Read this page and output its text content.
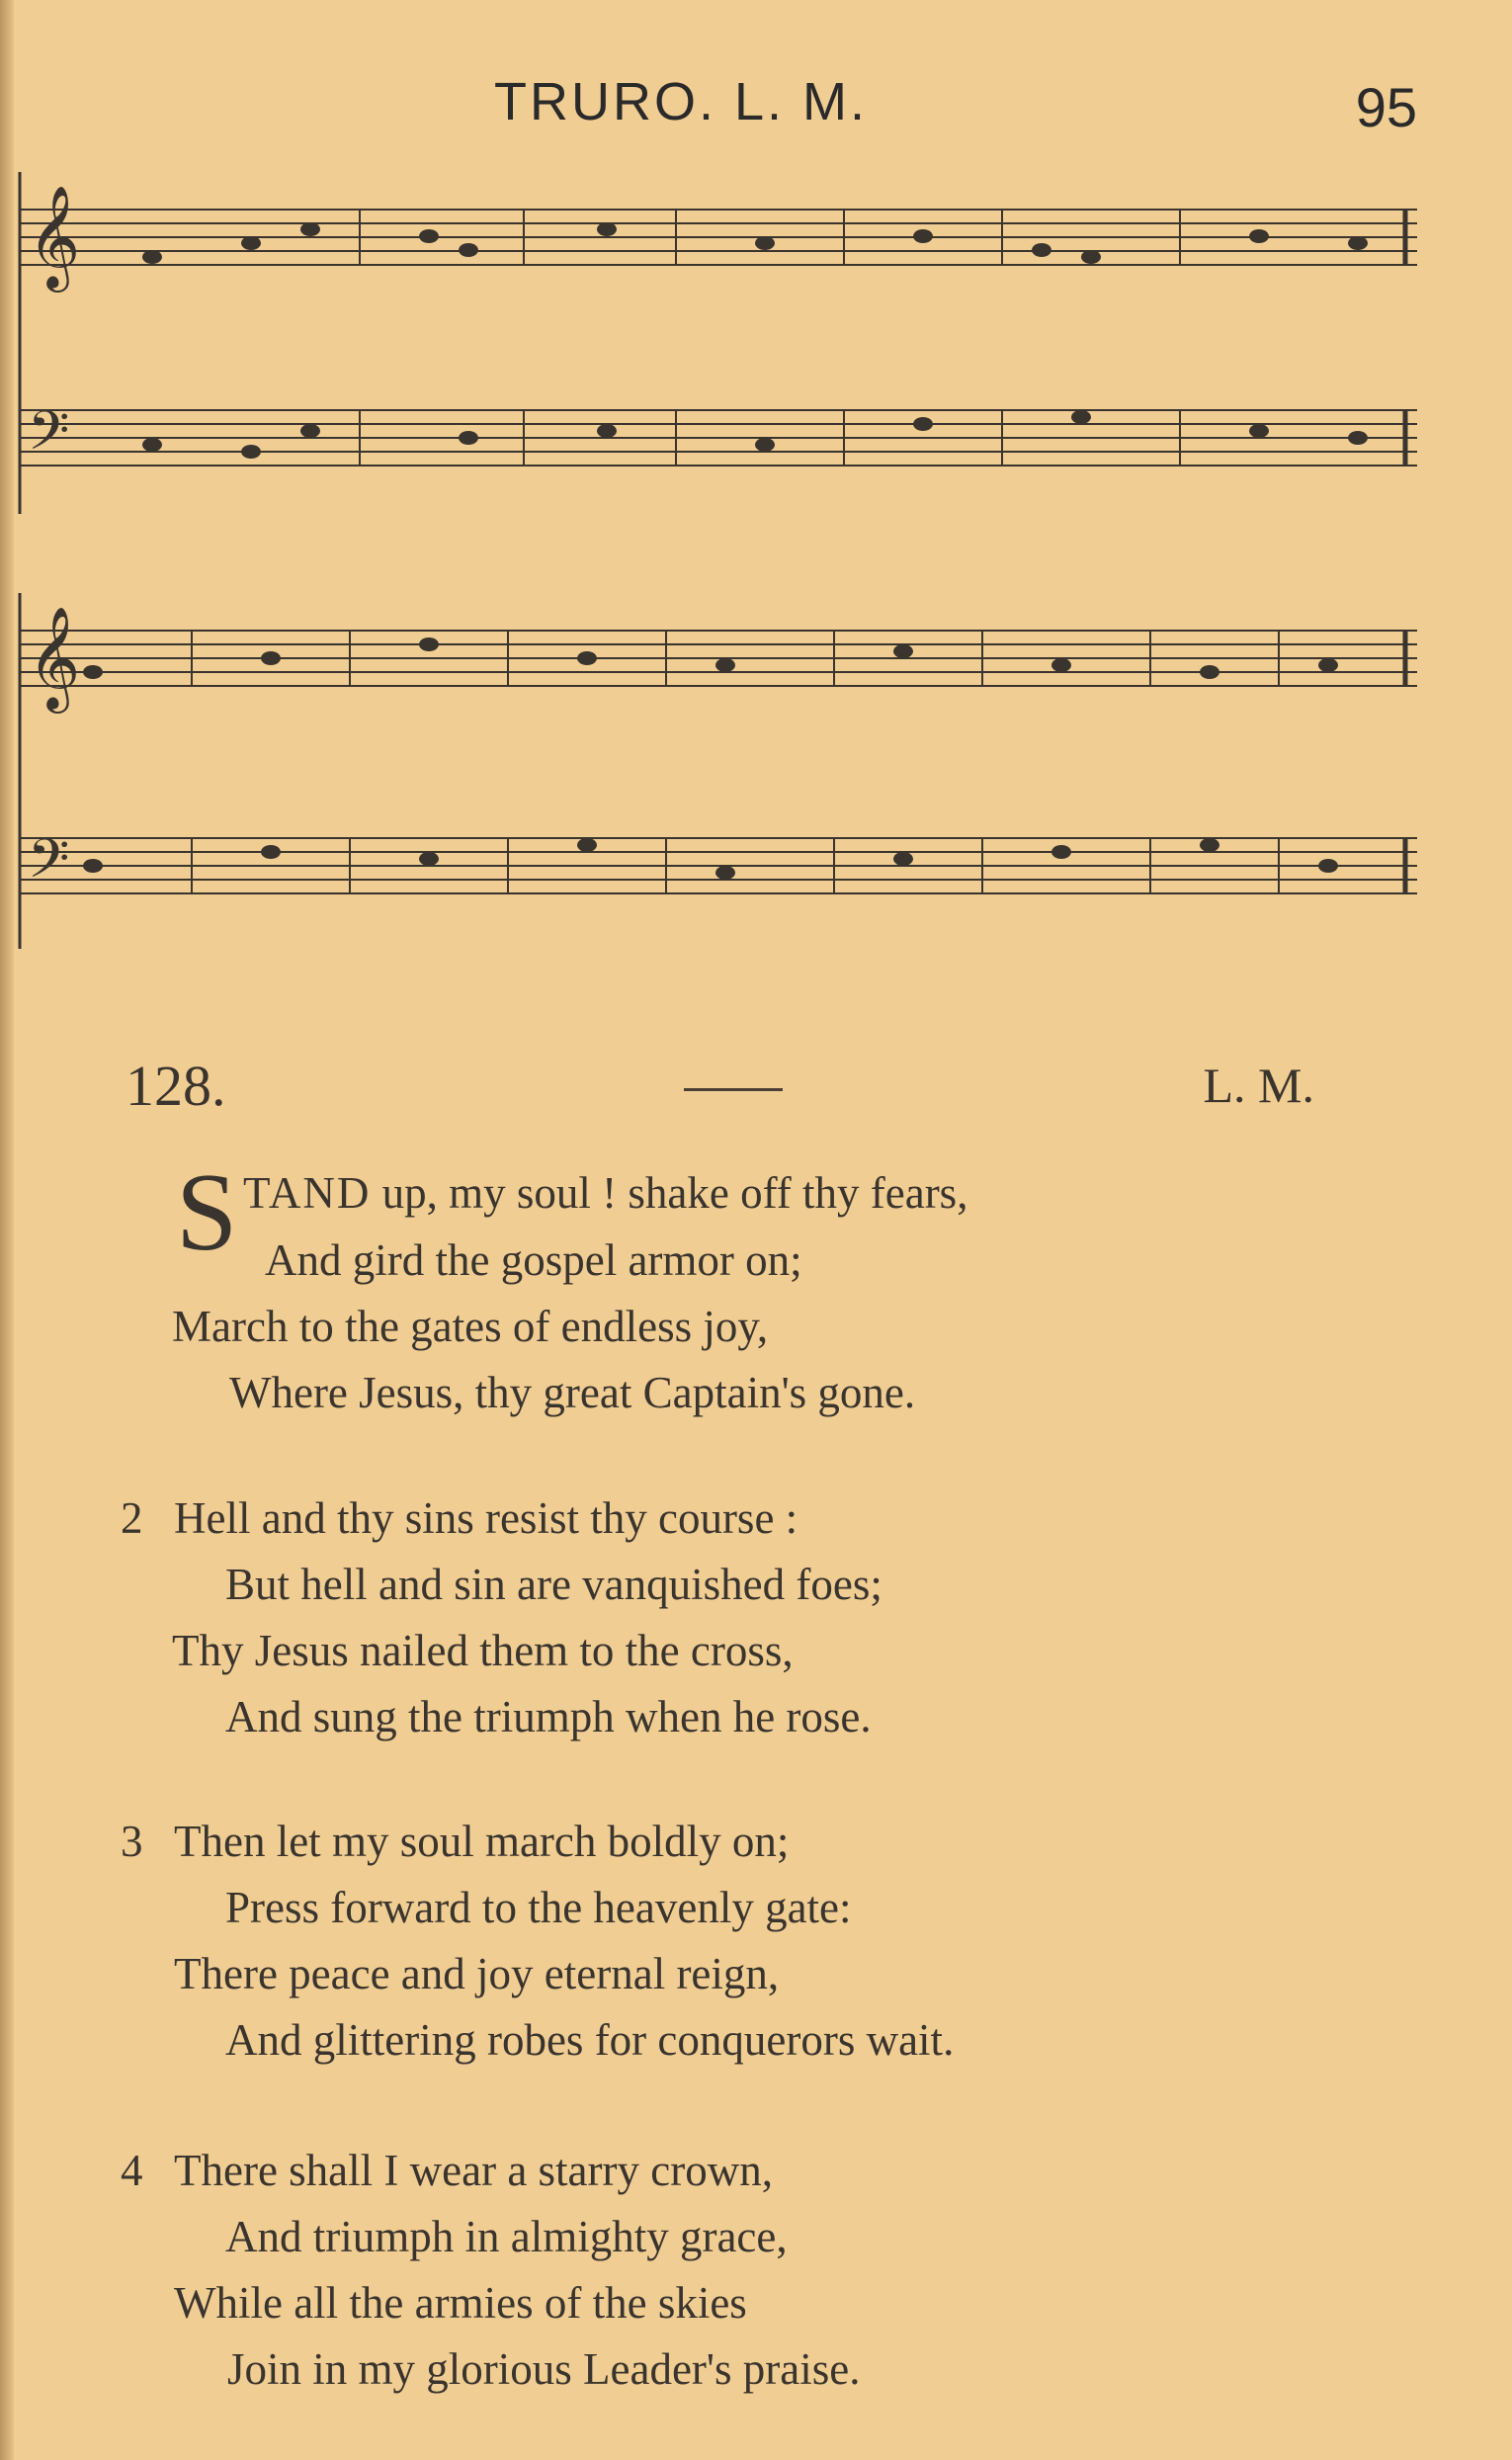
TRURO. L. M.	95
𝄞
𝄢
𝄞
𝄢
128.	L. M.
S TAND up, my soul ! shake off thy fears,
And gird the gospel armor on;
March to the gates of endless joy,
Where Jesus, thy great Captain's gone.
2 Hell and thy sins resist thy course :
But hell and sin are vanquished foes;
Thy Jesus nailed them to the cross,
And sung the triumph when he rose.
3 Then let my soul march boldly on;
Press forward to the heavenly gate:
There peace and joy eternal reign,
And glittering robes for conquerors wait.
4 There shall I wear a starry crown,
And triumph in almighty grace,
While all the armies of the skies
Join in my glorious Leader's praise.
